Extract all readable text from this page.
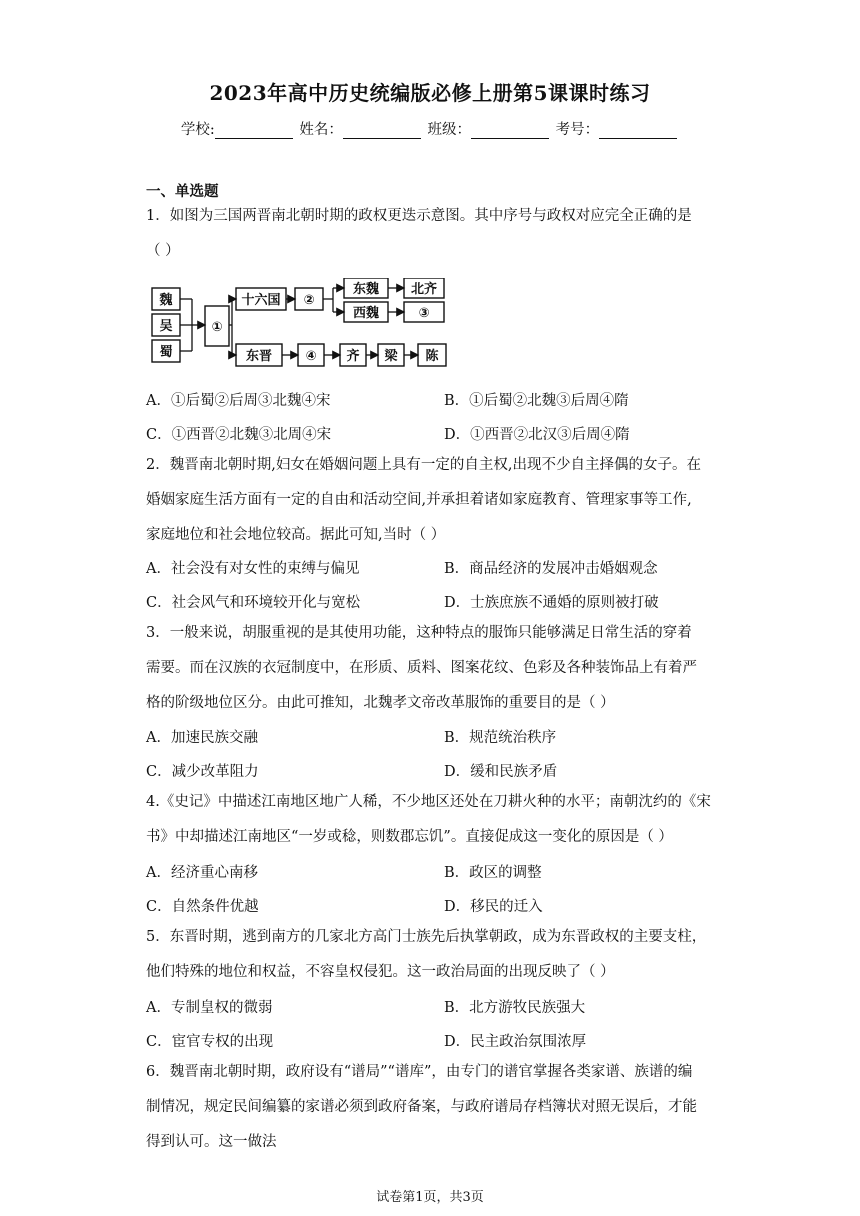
2023年高中历史统编版必修上册第5课课时练习
学校:	姓名：	班级：	考号：
一、单选题
1．如图为三国两晋南北朝时期的政权更迭示意图。其中序号与政权对应完全正确的是
（ ）
魏
吴
蜀
①
十六国 ②
东魏 北齐
西魏	③
东晋	④ 齐 梁 陈
A．①后蜀②后周③北魏④宋	B．①后蜀②北魏③后周④隋
C．①西晋②北魏③北周④宋	D．①西晋②北汉③后周④隋
2．魏晋南北朝时期,妇女在婚姻问题上具有一定的自主权,出现不少自主择偶的女子。在
婚姻家庭生活方面有一定的自由和活动空间,并承担着诸如家庭教育、管理家事等工作,
家庭地位和社会地位较高。据此可知,当时（ ）
A．社会没有对女性的束缚与偏见	B．商品经济的发展冲击婚姻观念
C．社会风气和环境较开化与宽松	D．士族庶族不通婚的原则被打破
3．一般来说，胡服重视的是其使用功能，这种特点的服饰只能够满足日常生活的穿着
需要。而在汉族的衣冠制度中，在形质、质料、图案花纹、色彩及各种装饰品上有着严
格的阶级地位区分。由此可推知，北魏孝文帝改革服饰的重要目的是（ ）
A．加速民族交融	B．规范统治秩序
C．减少改革阻力	D．缓和民族矛盾
4.《史记》中描述江南地区地广人稀，不少地区还处在刀耕火种的水平；南朝沈约的《宋
书》中却描述江南地区“一岁或稔，则数郡忘饥”。直接促成这一变化的原因是（ ）
A．经济重心南移	B．政区的调整
C．自然条件优越	D．移民的迁入
5．东晋时期，逃到南方的几家北方高门士族先后执掌朝政，成为东晋政权的主要支柱，
他们特殊的地位和权益，不容皇权侵犯。这一政治局面的出现反映了（ ）
A．专制皇权的微弱	B．北方游牧民族强大
C．宦官专权的出现	D．民主政治氛围浓厚
6．魏晋南北朝时期，政府设有“谱局”“谱库”，由专门的谱官掌握各类家谱、族谱的编
制情况，规定民间编纂的家谱必须到政府备案，与政府谱局存档簿状对照无误后，才能
得到认可。这一做法
试卷第1页，共3页
